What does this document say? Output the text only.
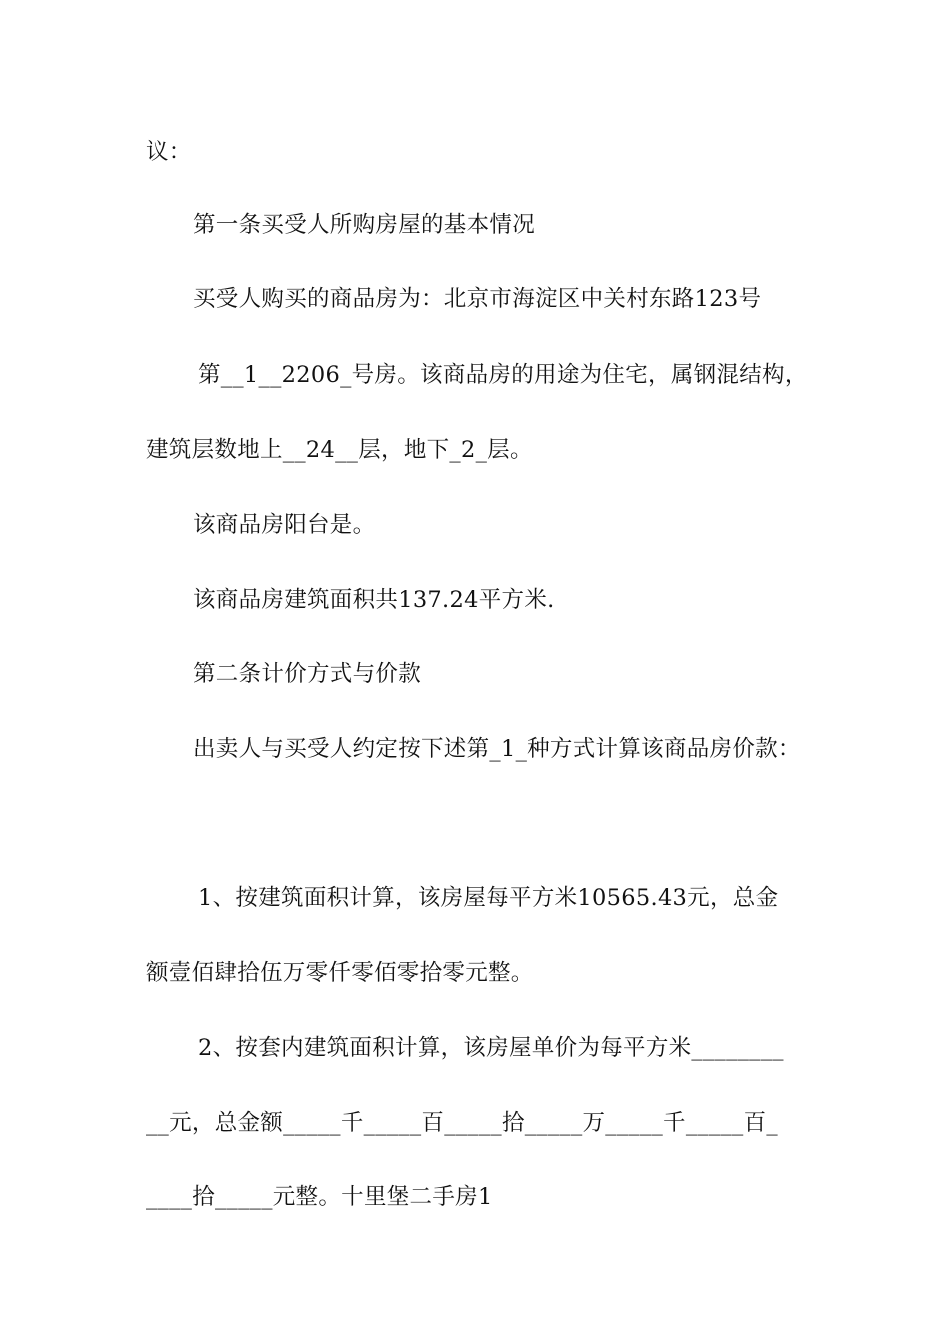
议：
第一条买受人所购房屋的基本情况
买受人购买的商品房为：北京市海淀区中关村东路123号
第__1__2206_号房。该商品房的用途为住宅，属钢混结构，
建筑层数地上__24__层，地下_2_层。
该商品房阳台是。
该商品房建筑面积共137.24平方米.
第二条计价方式与价款
出卖人与买受人约定按下述第_1_种方式计算该商品房价款：
1、按建筑面积计算，该房屋每平方米10565.43元，总金
额壹佰肆拾伍万零仟零佰零拾零元整。
2、按套内建筑面积计算，该房屋单价为每平方米________
__元，总金额_____千_____百_____拾_____万_____千_____百_
____拾_____元整。十里堡二手房1
